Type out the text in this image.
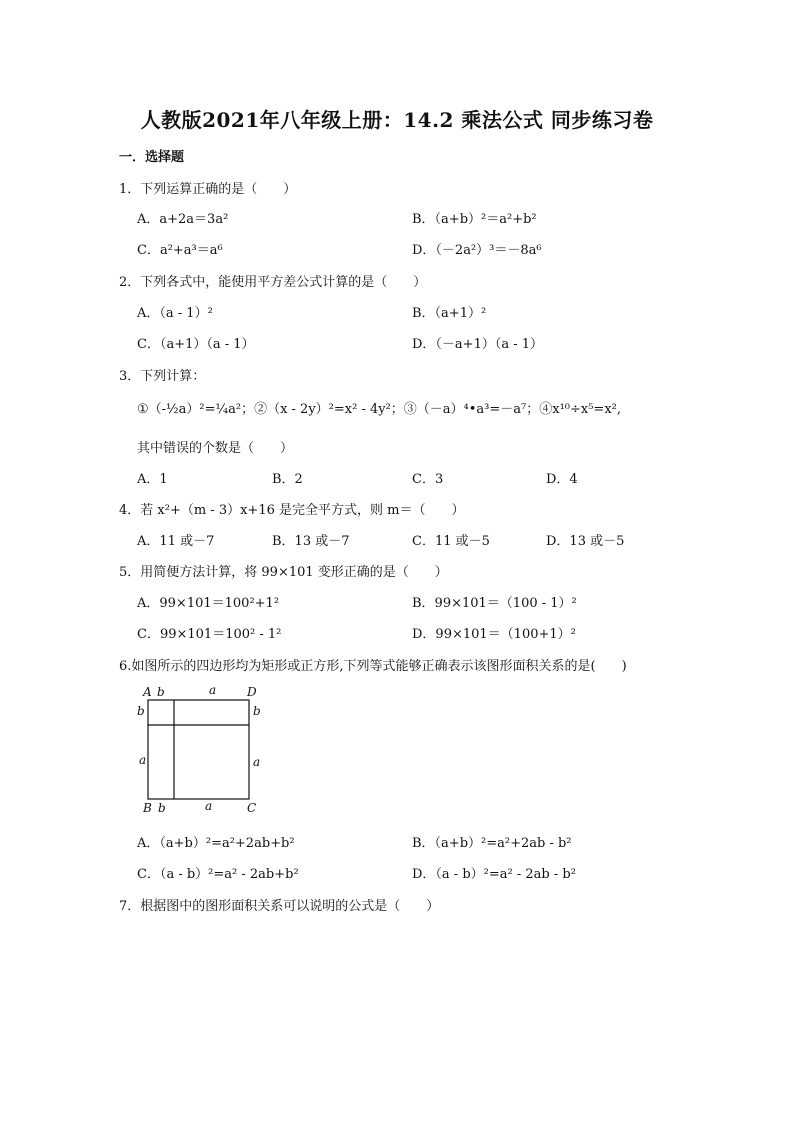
人教版2021年八年级上册：14.2 乘法公式 同步练习卷
一．选择题
1．下列运算正确的是（　　）
A．a+2a＝3a²	B．（a+b）²＝a²+b²
C．a²+a³＝a⁶	D．（－2a²）³＝－8a⁶
2．下列各式中，能使用平方差公式计算的是（　　）
A．（a - 1）²	B．（a+1）²
C．（a+1）（a - 1）	D．（－a+1）（a - 1）
3．下列计算：
①（-½a）²=¼a²；②（x - 2y）²=x² - 4y²；③（－a）⁴•a³=－a⁷；④x¹⁰÷x⁵=x²,
其中错误的个数是（　　）
A．1	B．2	C．3	D．4
4．若 x²+（m - 3）x+16 是完全平方式，则 m＝（　　）
A．11 或－7	B．13 或－7	C．11 或－5	D．13 或－5
5．用简便方法计算，将 99×101 变形正确的是（　　）
A．99×101＝100²+1²	B．99×101＝（100 - 1）²
C．99×101＝100² - 1²	D．99×101＝（100+1）²
6.如图所示的四边形均为矩形或正方形,下列等式能够正确表示该图形面积关系的是(　　)
A b	a	D
b	b
a	a
B b	a	C
A．（a+b）²=a²+2ab+b²	B．（a+b）²=a²+2ab - b²
C．（a - b）²=a² - 2ab+b²	D．（a - b）²=a² - 2ab - b²
7．根据图中的图形面积关系可以说明的公式是（　　）
